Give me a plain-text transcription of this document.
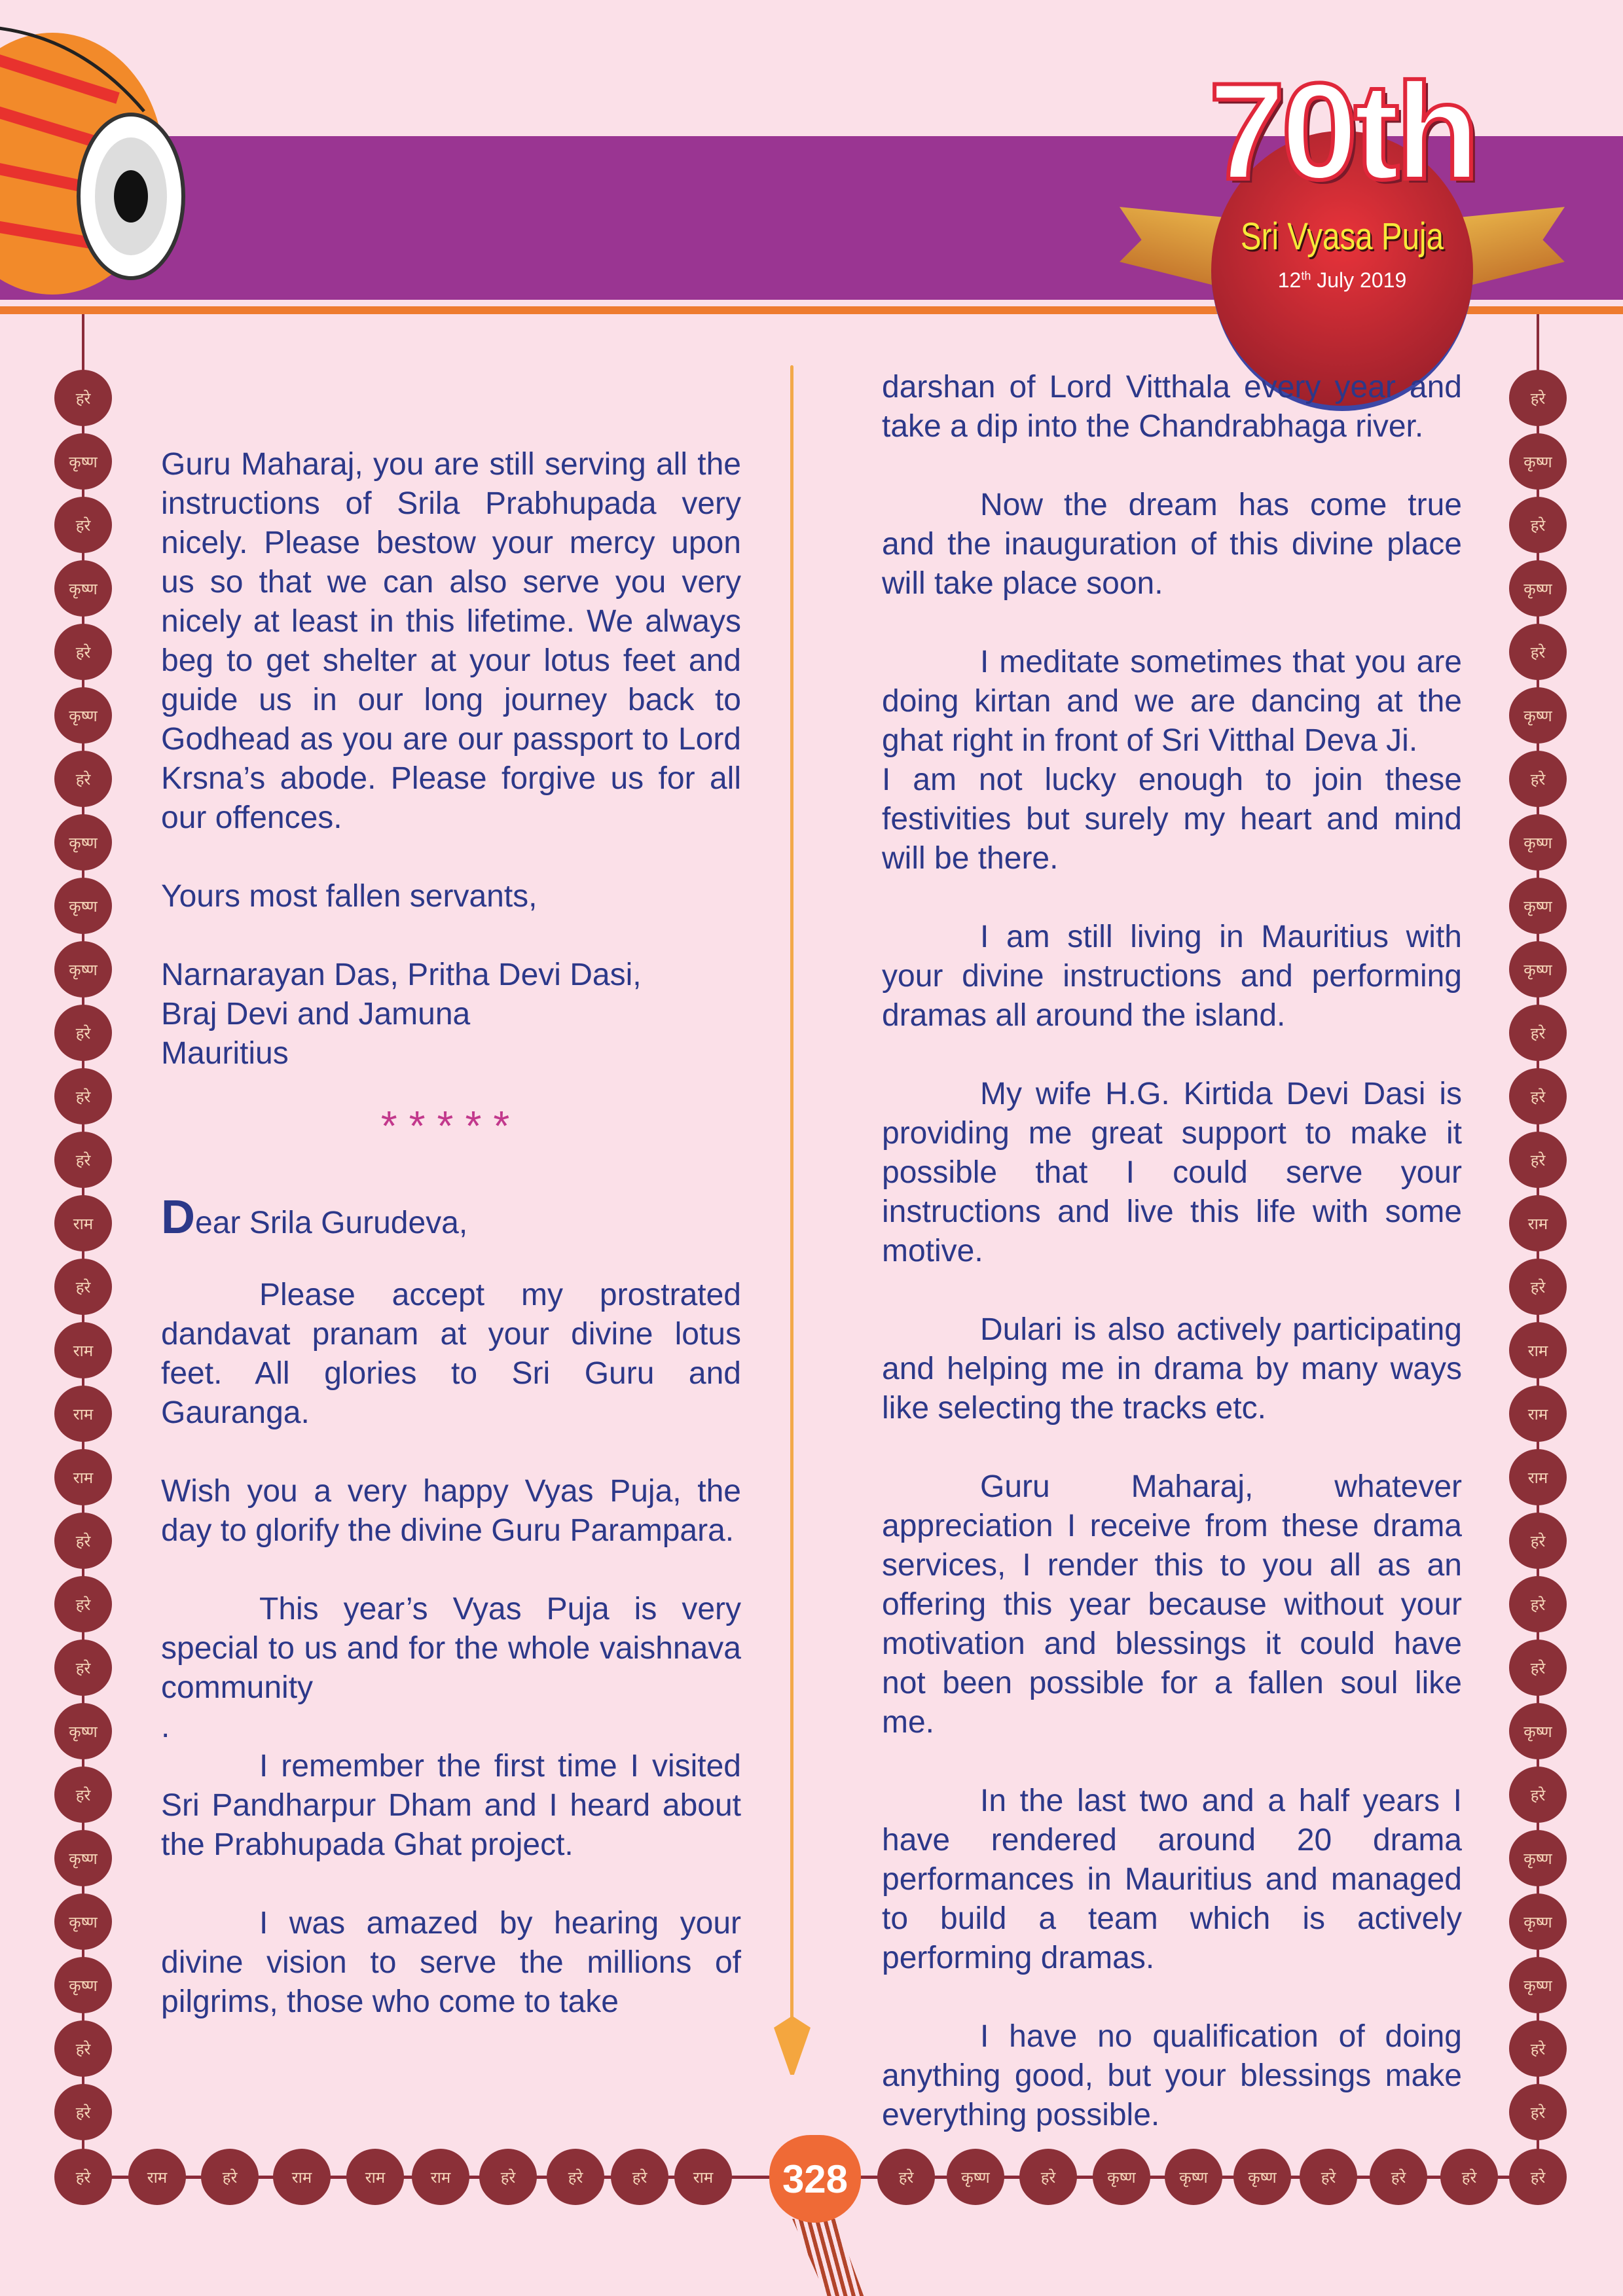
70th
Sri Vyasa Puja
12th July 2019
हरे
कृष्ण
हरे
कृष्ण
हरे
कृष्ण
हरे
कृष्ण
कृष्ण
कृष्ण
हरे
हरे
हरे
राम
हरे
राम
राम
राम
हरे
हरे
हरे
कृष्ण
हरे
कृष्ण
कृष्ण
कृष्ण
हरे
हरे
हरे
कृष्ण
हरे
कृष्ण
हरे
कृष्ण
हरे
कृष्ण
कृष्ण
कृष्ण
हरे
हरे
हरे
राम
हरे
राम
राम
राम
हरे
हरे
हरे
कृष्ण
हरे
कृष्ण
कृष्ण
कृष्ण
हरे
हरे
हरे	राम	हरे	राम	राम	राम	हरे	हरे	हरे	राम	हरे	कृष्ण	हरे	कृष्ण	कृष्ण	कृष्ण	हरे	हरे	हरे	हरे
328

Guru Maharaj, you are still serving all the instructions of Srila Prabhupada very nicely. Please bestow your mercy upon us so that we can also serve you very nicely at least in this lifetime. We always beg to get shelter at your lotus feet and guide us in our long journey back to Godhead as you are our passport to Lord Krsna’s abode. Please forgive us for all our offences.

Yours most fallen servants,

Narnarayan Das, Pritha Devi Dasi,
Braj Devi and Jamuna
Mauritius
*****
Dear Srila Gurudeva,

Please accept my prostrated dandavat pranam at your divine lotus feet. All glories to Sri Guru and Gauranga.

Wish you a very happy Vyas Puja, the day to glorify the divine Guru Parampara.

This year’s Vyas Puja is very special to us and for the whole vaishnava community

.

I remember the first time I visited Sri Pandharpur Dham and I heard about the Prabhupada Ghat project.

I was amazed by hearing your divine vision to serve the millions of pilgrims, those who come to take

darshan of Lord Vitthala every year and take a dip into the Chandrabhaga river.

Now the dream has come true and the inauguration of this divine place will take place soon.

I meditate sometimes that you are doing kirtan and we are dancing at the ghat right in front of Sri Vitthal Deva Ji.

I am not lucky enough to join these festivities but surely my heart and mind will be there.

I am still living in Mauritius with your divine instructions and performing dramas all around the island.

My wife H.G. Kirtida Devi Dasi is providing me great support to make it possible that I could serve your instructions and live this life with some motive.

Dulari is also actively participating and helping me in drama by many ways like selecting the tracks etc.

Guru Maharaj, whatever appreciation I receive from these drama services, I render this to you all as an offering this year because without your motivation and blessings it could have not been possible for a fallen soul like me.

In the last two and a half years I have rendered around 20 drama performances in Mauritius and managed to build a team which is actively performing dramas.

I have no qualification of doing anything good, but your blessings make everything possible.
